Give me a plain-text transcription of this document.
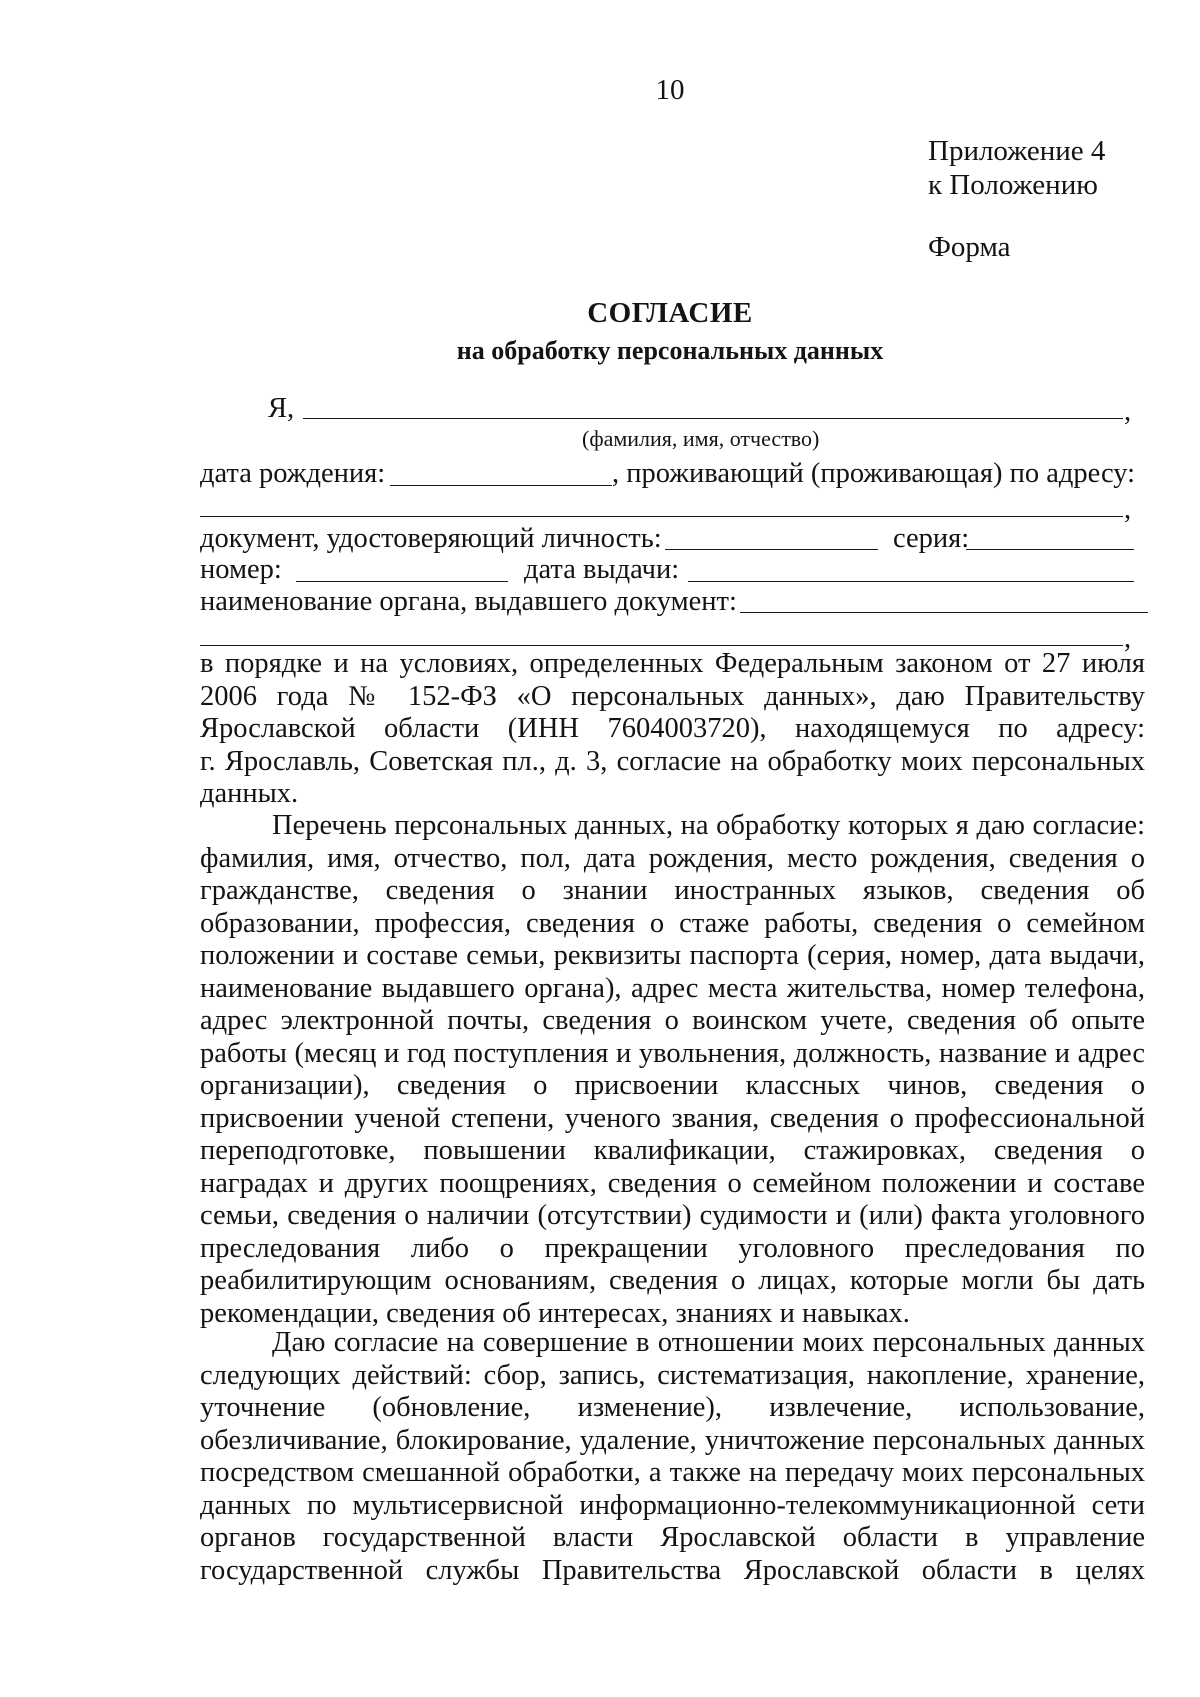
10
Приложение 4
к Положению
Форма
СОГЛАСИЕ
на обработку персональных данных
Я,	,
(фамилия, имя, отчество)
дата рождения:	, проживающий (проживающая) по адресу:
,
документ, удостоверяющий личность:	серия:
номер:	дата выдачи:
наименование органа, выдавшего документ:
,
в порядке и на условиях, определенных Федеральным законом от 27 июля
2006 года № 152-ФЗ «О персональных данных», даю Правительству
Ярославской области (ИНН 7604003720), находящемуся по адресу:
г. Ярославль, Советская пл., д. 3, согласие на обработку моих персональных
данных.
Перечень персональных данных, на обработку которых я даю согласие:
фамилия, имя, отчество, пол, дата рождения, место рождения, сведения о
гражданстве, сведения о знании иностранных языков, сведения об
образовании, профессия, сведения о стаже работы, сведения о семейном
положении и составе семьи, реквизиты паспорта (серия, номер, дата выдачи,
наименование выдавшего органа), адрес места жительства, номер телефона,
адрес электронной почты, сведения о воинском учете, сведения об опыте
работы (месяц и год поступления и увольнения, должность, название и адрес
организации), сведения о присвоении классных чинов, сведения о
присвоении ученой степени, ученого звания, сведения о профессиональной
переподготовке, повышении квалификации, стажировках, сведения о
наградах и других поощрениях, сведения о семейном положении и составе
семьи, сведения о наличии (отсутствии) судимости и (или) факта уголовного
преследования либо о прекращении уголовного преследования по
реабилитирующим основаниям, сведения о лицах, которые могли бы дать
рекомендации, сведения об интересах, знаниях и навыках.
Даю согласие на совершение в отношении моих персональных данных
следующих действий: сбор, запись, систематизация, накопление, хранение,
уточнение (обновление, изменение), извлечение, использование,
обезличивание, блокирование, удаление, уничтожение персональных данных
посредством смешанной обработки, а также на передачу моих персональных
данных по мультисервисной информационно-телекоммуникационной сети
органов государственной власти Ярославской области в управление
государственной службы Правительства Ярославской области в целях
